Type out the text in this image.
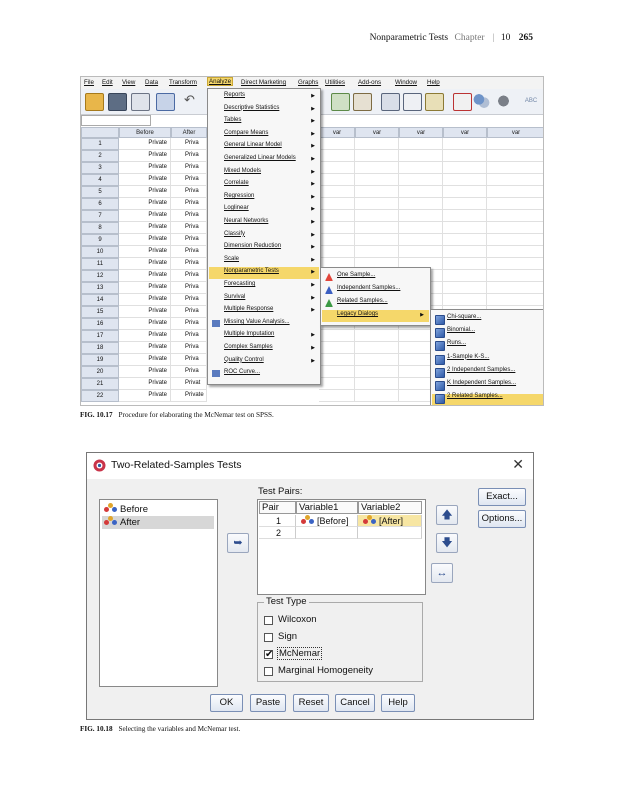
Nonparametric Tests Chapter | 10 265
File Edit View Data Transform Analyze Direct Marketing Graphs Utilities Add-ons Window Help
↶	ABC
Before	After	var	var	var	var	var
1	Private	Priva
2	Private	Priva
3	Private	Priva
4	Private	Priva
5	Private	Priva
6	Private	Priva
7	Private	Priva
8	Private	Priva
9	Private	Priva
10	Private	Priva
11	Private	Priva
12	Private	Priva
13	Private	Priva
14	Private	Priva
15	Private	Priva
16	Private	Priva
17	Private	Priva
18	Private	Priva
19	Private	Priva
20	Private	Priva
21	Private	Privat
22	Private	Private
Reports	▶
Descriptive Statistics	▶
Tables	▶
Compare Means	▶
General Linear Model	▶
Generalized Linear Models	▶
Mixed Models	▶
Correlate	▶
Regression	▶
Loglinear	▶
Neural Networks	▶
Classify	▶
Dimension Reduction	▶
Scale	▶
Nonparametric Tests	▶
Forecasting	▶
Survival	▶
Multiple Response	▶
Missing Value Analysis...
Multiple Imputation	▶
Complex Samples	▶
Quality Control	▶
ROC Curve...
One Sample...
Independent Samples...
Related Samples...
Legacy Dialogs	▶	Chi-square...
Binomial...
Runs...
1-Sample K-S...
2 Independent Samples...
K Independent Samples...
2 Related Samples...
FIG. 10.17 Procedure for elaborating the McNemar test on SPSS.
Two-Related-Samples Tests	✕
Before
After
➥
Test Pairs:
Pair	Variable1	Variable2
1	[Before]	[After]
2
🡅
🡇
↔
Test Type
Wilcoxon
Sign
✔ McNemar
Marginal Homogeneity
Exact...
Options...
OK	Paste	Reset	Cancel	Help
FIG. 10.18 Selecting the variables and McNemar test.
